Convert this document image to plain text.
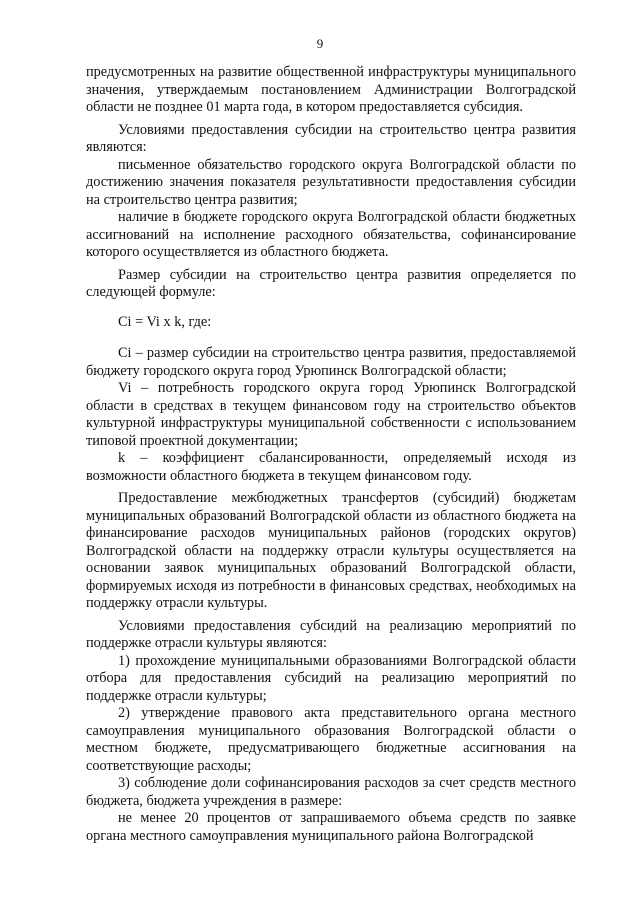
9

предусмотренных на развитие общественной инфраструктуры муниципального значения, утверждаемым постановлением Администрации Волгоградской области не позднее 01 марта года, в котором предоставляется субсидия.

Условиями предоставления субсидии на строительство центра развития являются:

письменное обязательство городского округа Волгоградской области по достижению значения показателя результативности предоставления субсидии на строительство центра развития;

наличие в бюджете городского округа Волгоградской области бюджетных ассигнований на исполнение расходного обязательства, софинансирование которого осуществляется из областного бюджета.

Размер субсидии на строительство центра развития определяется по следующей формуле:

Ci = Vi x k, где:

Ci – размер субсидии на строительство центра развития, предоставляемой бюджету городского округа город Урюпинск Волгоградской области;

Vi – потребность городского округа город Урюпинск Волгоградской области в средствах в текущем финансовом году на строительство объектов культурной инфраструктуры муниципальной собственности с использованием типовой проектной документации;

k – коэффициент сбалансированности, определяемый исходя из возможности областного бюджета в текущем финансовом году.

Предоставление межбюджетных трансфертов (субсидий) бюджетам муниципальных образований Волгоградской области из областного бюджета на финансирование расходов муниципальных районов (городских округов) Волгоградской области на поддержку отрасли культуры осуществляется на основании заявок муниципальных образований Волгоградской области, формируемых исходя из потребности в финансовых средствах, необходимых на поддержку отрасли культуры.

Условиями предоставления субсидий на реализацию мероприятий по поддержке отрасли культуры являются:

1) прохождение муниципальными образованиями Волгоградской области отбора для предоставления субсидий на реализацию мероприятий по поддержке отрасли культуры;

2) утверждение правового акта представительного органа местного самоуправления муниципального образования Волгоградской области о местном бюджете, предусматривающего бюджетные ассигнования на соответствующие расходы;

3) соблюдение доли софинансирования расходов за счет средств местного бюджета, бюджета учреждения в размере:

не менее 20 процентов от запрашиваемого объема средств по заявке органа местного самоуправления муниципального района Волгоградской
